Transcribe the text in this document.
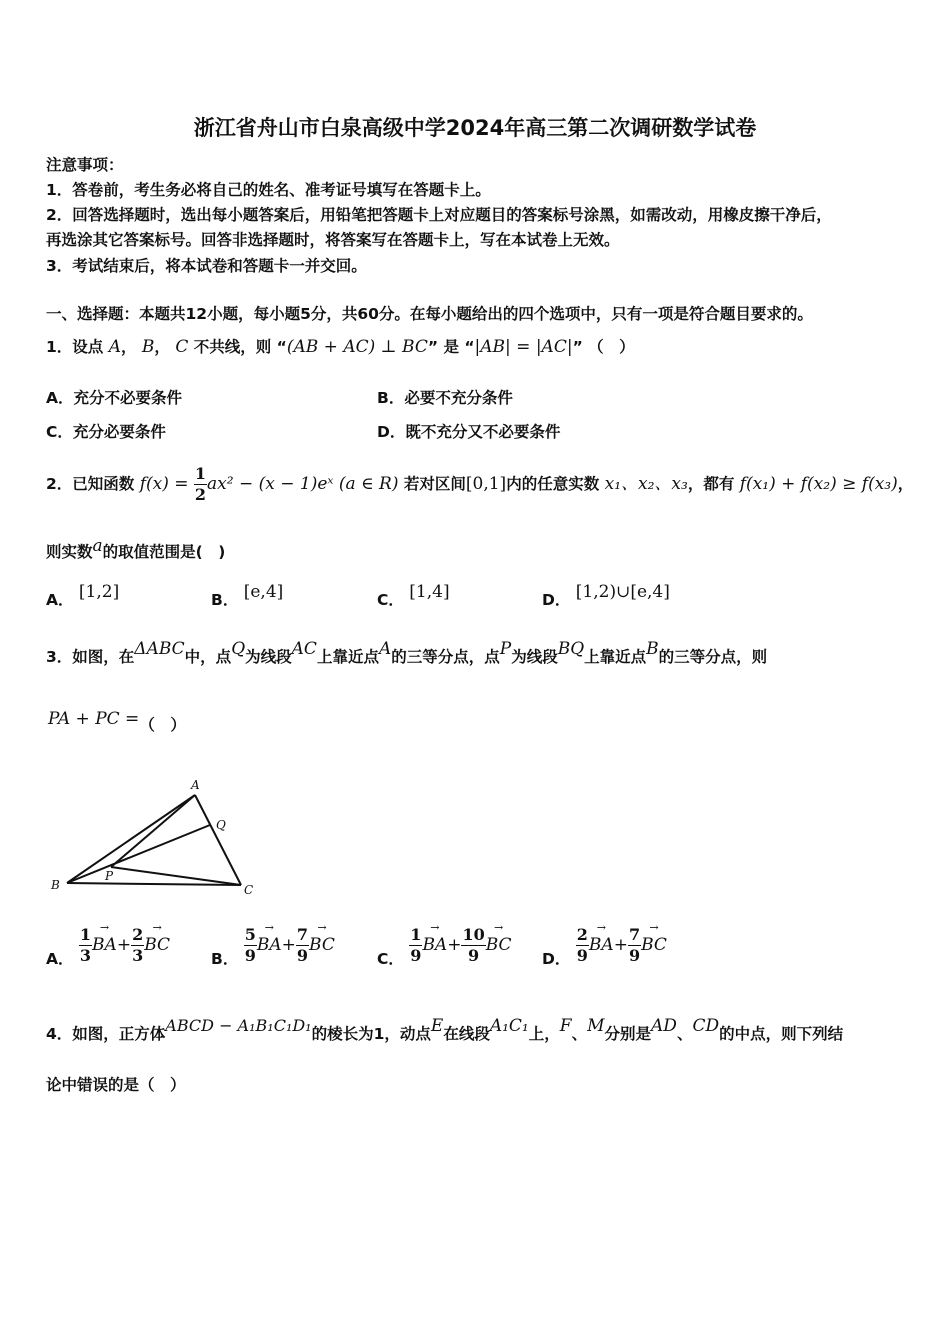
浙江省舟山市白泉高级中学2024年高三第二次调研数学试卷
注意事项：
1．答卷前，考生务必将自己的姓名、准考证号填写在答题卡上。
2．回答选择题时，选出每小题答案后，用铅笔把答题卡上对应题目的答案标号涂黑，如需改动，用橡皮擦干净后，
再选涂其它答案标号。回答非选择题时，将答案写在答题卡上，写在本试卷上无效。
3．考试结束后，将本试卷和答题卡一并交回。
一、选择题：本题共12小题，每小题5分，共60分。在每小题给出的四个选项中，只有一项是符合题目要求的。
1．设点 A， B， C 不共线，则 “(AB + AC) ⊥ BC” 是 “|AB| = |AC|” （　）
A．充分不必要条件	B．必要不充分条件
C．充分必要条件	D．既不充分又不必要条件
2．已知函数 $f(x) = \frac{1}{2} ax^2 - (x$ − 1)eˣ (a ∈ R) 若对区间[0,1]内的任意实数 x₁、x₂、x₃，都有 f(x₁) + f(x₂) ≥ f(x₃)，
则实数a的取值范围是(　)
A． [1,2]	B． [e,4]	C． [1,4]	D． [1,2)∪[e,4]
3．如图，在ΔABC中，点Q为线段AC上靠近点A的三等分点，点P为线段BQ上靠近点B的三等分点，则
PA + PC =（　）
A
Q
B
P
C
A． $\frac{1}{3}$
→ $BA+ \frac{2}{3}$
→ BC
B． $\frac{5}{9}$
→ $BA+ \frac{7}{9}$
→ BC
C． $\frac{1}{9}$
→ $BA+ \frac{10}{9}$
→ BC
D． $\frac{2}{9}$
→ $BA+ \frac{7}{9}$
→ BC
4．如图，正方体ABCD − A₁B₁C₁D₁的棱长为1，动点E在线段A₁C₁上，F、M分别是AD、CD的中点，则下列结
论中错误的是（　）
